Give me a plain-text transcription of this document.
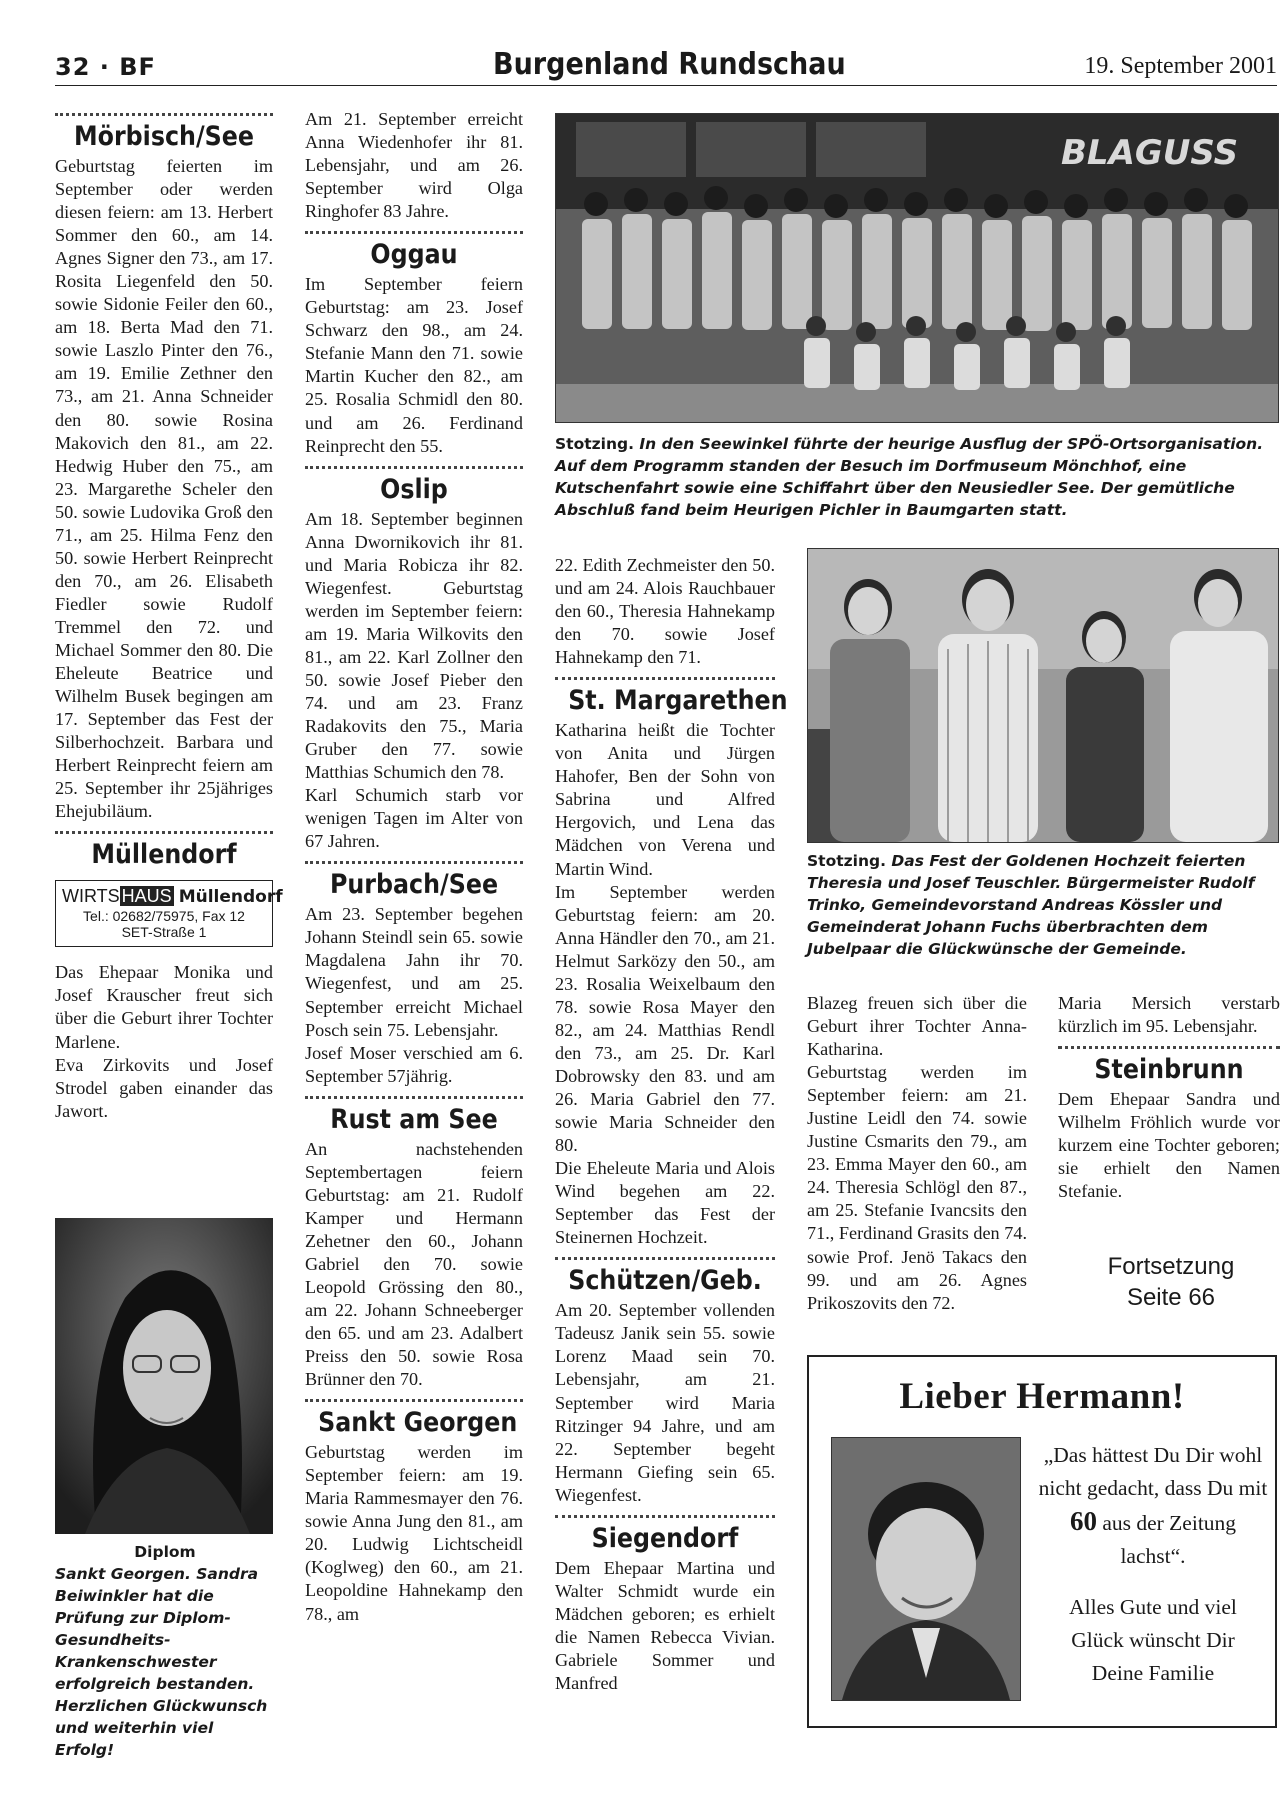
32 · BF	Burgenland Rundschau	19. September 2001
Mörbisch/See

Geburtstag feierten im September oder werden diesen feiern: am 13. Herbert Sommer den 60., am 14. Agnes Signer den 73., am 17. Rosita Liegenfeld den 50. sowie Sidonie Feiler den 60., am 18. Berta Mad den 71. sowie Laszlo Pinter den 76., am 19. Emilie Zethner den 73., am 21. Anna Schneider den 80. sowie Rosina Makovich den 81., am 22. Hedwig Huber den 75., am 23. Margarethe Scheler den 50. sowie Ludovika Groß den 71., am 25. Hilma Fenz den 50. sowie Herbert Reinprecht den 70., am 26. Elisabeth Fiedler sowie Rudolf Tremmel den 72. und Michael Sommer den 80. Die Eheleute Beatrice und Wilhelm Busek begingen am 17. September das Fest der Silberhochzeit. Barbara und Herbert Reinprecht feiern am 25. September ihr 25jähriges Ehejubiläum.

Müllendorf
WIRTS HAUS Müllendorf
Tel.: 02682/75975, Fax 12
SET-Straße 1

Das Ehepaar Monika und Josef Krauscher freut sich über die Geburt ihrer Tochter Marlene.
Eva Zirkovits und Josef Strodel gaben einander das Jawort.

Diplom
Sankt Georgen. Sandra Beiwinkler hat die Prüfung zur Diplom-Gesundheits-Krankenschwester erfolgreich bestanden. Herzlichen Glückwunsch und weiterhin viel Erfolg!

Am 21. September erreicht Anna Wiedenhofer ihr 81. Lebensjahr, und am 26. September wird Olga Ringhofer 83 Jahre.

Oggau

Im September feiern Geburtstag: am 23. Josef Schwarz den 98., am 24. Stefanie Mann den 71. sowie Martin Kucher den 82., am 25. Rosalia Schmidl den 80. und am 26. Ferdinand Reinprecht den 55.

Oslip

Am 18. September beginnen Anna Dwornikovich ihr 81. und Maria Robicza ihr 82. Wiegenfest. Geburtstag werden im September feiern: am 19. Maria Wilkovits den 81., am 22. Karl Zollner den 50. sowie Josef Pieber den 74. und am 23. Franz Radakovits den 75., Maria Gruber den 77. sowie Matthias Schumich den 78.
Karl Schumich starb vor wenigen Tagen im Alter von 67 Jahren.

Purbach/See

Am 23. September begehen Johann Steindl sein 65. sowie Magdalena Jahn ihr 70. Wiegenfest, und am 25. September erreicht Michael Posch sein 75. Lebensjahr.
Josef Moser verschied am 6. September 57jährig.

Rust am See

An nachstehenden Septembertagen feiern Geburtstag: am 21. Rudolf Kamper und Hermann Zehetner den 60., Johann Gabriel den 70. sowie Leopold Grössing den 80., am 22. Johann Schneeberger den 65. und am 23. Adalbert Preiss den 50. sowie Rosa Brünner den 70.

Sankt Georgen

Geburtstag werden im September feiern: am 19. Maria Rammesmayer den 76. sowie Anna Jung den 81., am 20. Ludwig Lichtscheidl (Koglweg) den 60., am 21. Leopoldine Hahnekamp den 78., am

BLAGUSS
Stotzing. In den Seewinkel führte der heurige Ausflug der SPÖ-Ortsorganisation. Auf dem Programm standen der Besuch im Dorfmuseum Mönchhof, eine Kutschenfahrt sowie eine Schiffahrt über den Neusiedler See. Der gemütliche Abschluß fand beim Heurigen Pichler in Baumgarten statt.

22. Edith Zechmeister den 50. und am 24. Alois Rauchbauer den 60., Theresia Hahnekamp den 70. sowie Josef Hahnekamp den 71.

St. Margarethen

Katharina heißt die Tochter von Anita und Jürgen Hahofer, Ben der Sohn von Sabrina und Alfred Hergovich, und Lena das Mädchen von Verena und Martin Wind.
Im September werden Geburtstag feiern: am 20. Anna Händler den 70., am 21. Helmut Sarközy den 50., am 23. Rosalia Weixelbaum den 78. sowie Rosa Mayer den 82., am 24. Matthias Rendl den 73., am 25. Dr. Karl Dobrowsky den 83. und am 26. Maria Gabriel den 77. sowie Maria Schneider den 80.
Die Eheleute Maria und Alois Wind begehen am 22. September das Fest der Steinernen Hochzeit.

Schützen/Geb.

Am 20. September vollenden Tadeusz Janik sein 55. sowie Lorenz Maad sein 70. Lebensjahr, am 21. September wird Maria Ritzinger 94 Jahre, und am 22. September begeht Hermann Giefing sein 65. Wiegenfest.

Siegendorf

Dem Ehepaar Martina und Walter Schmidt wurde ein Mädchen geboren; es erhielt die Namen Rebecca Vivian. Gabriele Sommer und Manfred

Stotzing. Das Fest der Goldenen Hochzeit feierten Theresia und Josef Teuschler. Bürgermeister Rudolf Trinko, Gemeindevorstand Andreas Kössler und Gemeinderat Johann Fuchs überbrachten dem Jubelpaar die Glückwünsche der Gemeinde.

Blazeg freuen sich über die Geburt ihrer Tochter Anna-Katharina.
Geburtstag werden im September feiern: am 21. Justine Leidl den 74. sowie Justine Csmarits den 79., am 23. Emma Mayer den 60., am 24. Theresia Schlögl den 87., am 25. Stefanie Ivancsits den 71., Ferdinand Grasits den 74. sowie Prof. Jenö Takacs den 99. und am 26. Agnes Prikoszovits den 72.

Maria Mersich verstarb kürzlich im 95. Lebensjahr.

Steinbrunn

Dem Ehepaar Sandra und Wilhelm Fröhlich wurde vor kurzem eine Tochter geboren; sie erhielt den Namen Stefanie.

Fortsetzung
Seite 66
Lieber Hermann!
„Das hättest Du Dir wohl nicht gedacht, dass Du mit 60 aus der Zeitung lachst“.
Alles Gute und viel
Glück wünscht Dir
Deine Familie
